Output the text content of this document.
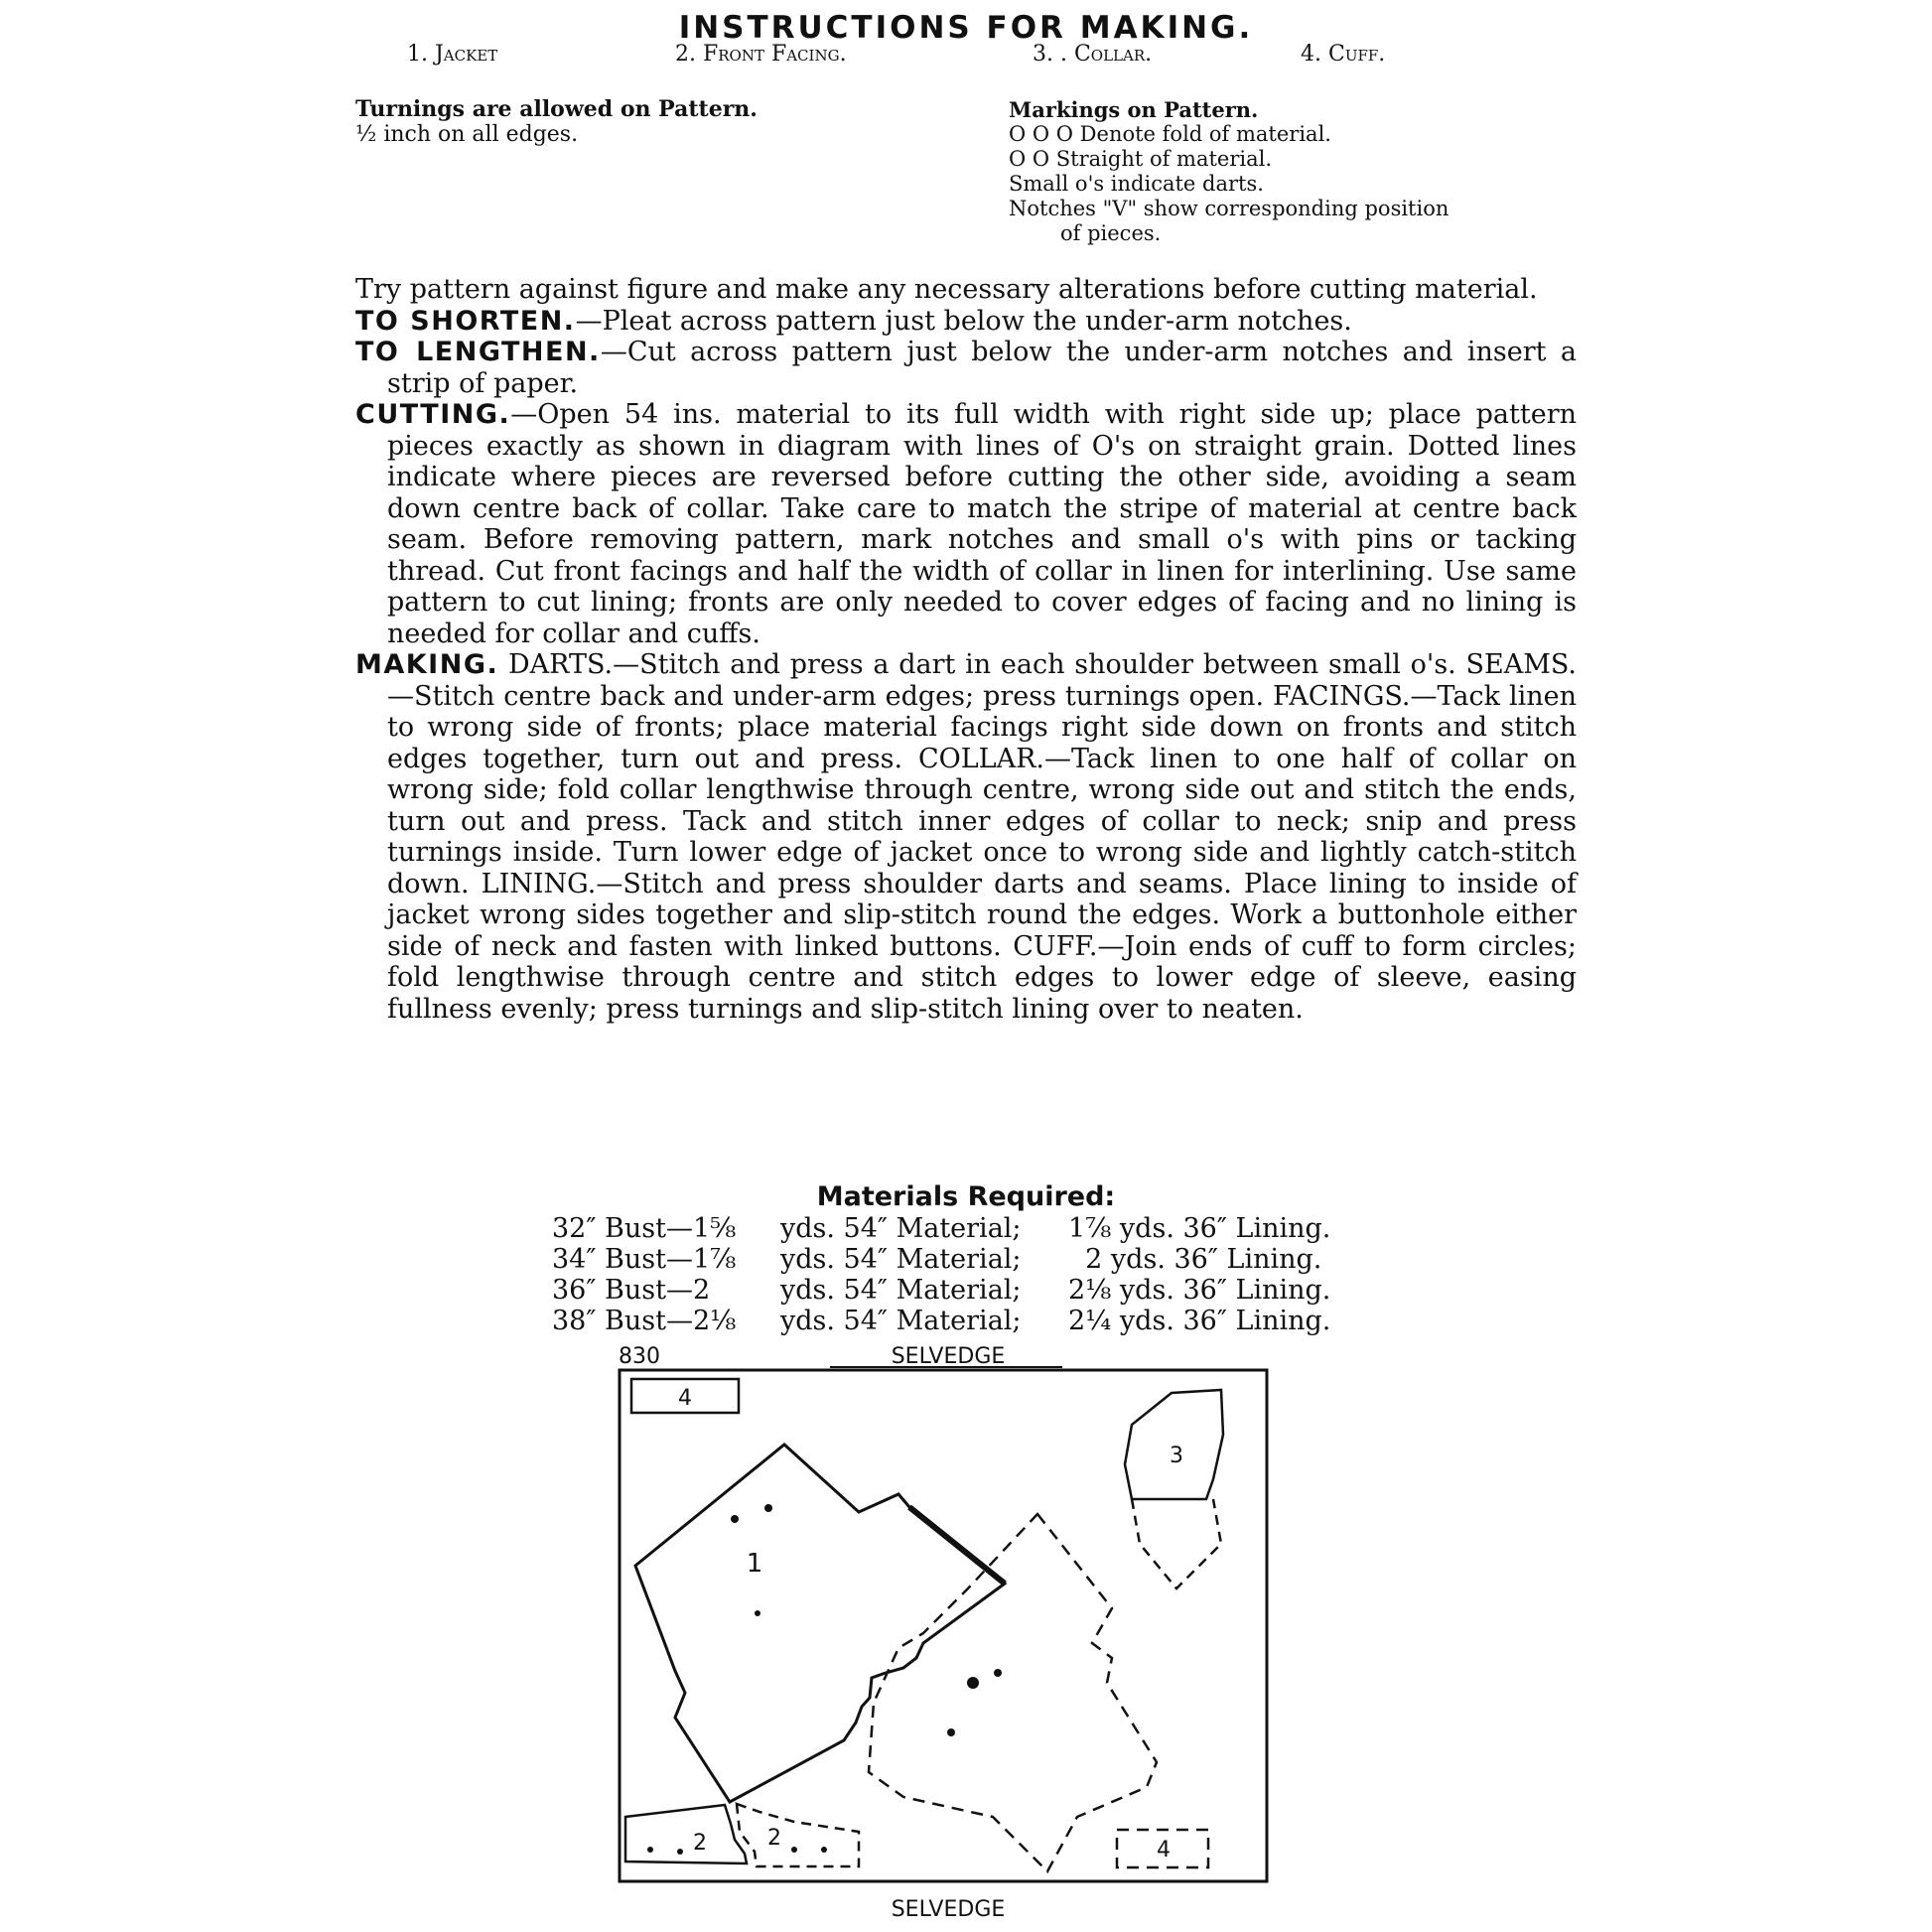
INSTRUCTIONS FOR MAKING.
1. Jacket	2. Front Facing.	3. . Collar.	4. Cuff.
Turnings are allowed on Pattern.
½ inch on all edges.
Markings on Pattern.
O O O Denote fold of material.
O O Straight of material.
Small o's indicate darts.
Notches "V" show corresponding position
of pieces.

Try pattern against figure and make any necessary alterations before cutting material.

TO SHORTEN.—Pleat across pattern just below the under-arm notches.

TO LENGTHEN.—Cut across pattern just below the under-arm notches and insert a strip of paper.

CUTTING.—Open 54 ins. material to its full width with right side up; place pattern pieces exactly as shown in diagram with lines of O's on straight grain. Dotted lines indicate where pieces are reversed before cutting the other side, avoiding a seam down centre back of collar. Take care to match the stripe of material at centre back seam. Before removing pattern, mark notches and small o's with pins or tacking thread. Cut front facings and half the width of collar in linen for interlining. Use same pattern to cut lining; fronts are only needed to cover edges of facing and no lining is needed for collar and cuffs.

MAKING. DARTS.—Stitch and press a dart in each shoulder between small o's. SEAMS.—Stitch centre back and under-arm edges; press turnings open. FACINGS.—Tack linen to wrong side of fronts; place material facings right side down on fronts and stitch edges together, turn out and press. COLLAR.—Tack linen to one half of collar on wrong side; fold collar lengthwise through centre, wrong side out and stitch the ends, turn out and press. Tack and stitch inner edges of collar to neck; snip and press turnings inside. Turn lower edge of jacket once to wrong side and lightly catch-stitch down. LINING.—Stitch and press shoulder darts and seams. Place lining to inside of jacket wrong sides together and slip-stitch round the edges. Work a buttonhole either side of neck and fasten with linked buttons. CUFF.—Join ends of cuff to form circles; fold lengthwise through centre and stitch edges to lower edge of sleeve, easing fullness evenly; press turnings and slip-stitch lining over to neaten.

Materials Required:
32″ Bust—1⅝	yds. 54″ Material;	1⅞ yds. 36″ Lining.
34″ Bust—1⅞	yds. 54″ Material;	2 yds. 36″ Lining.
36″ Bust—2	yds. 54″ Material;	2⅛ yds. 36″ Lining.
38″ Bust—2⅛	yds. 54″ Material;	2¼ yds. 36″ Lining.
830	SELVEDGE
SELVEDGE
4
1
3
2	2	4
